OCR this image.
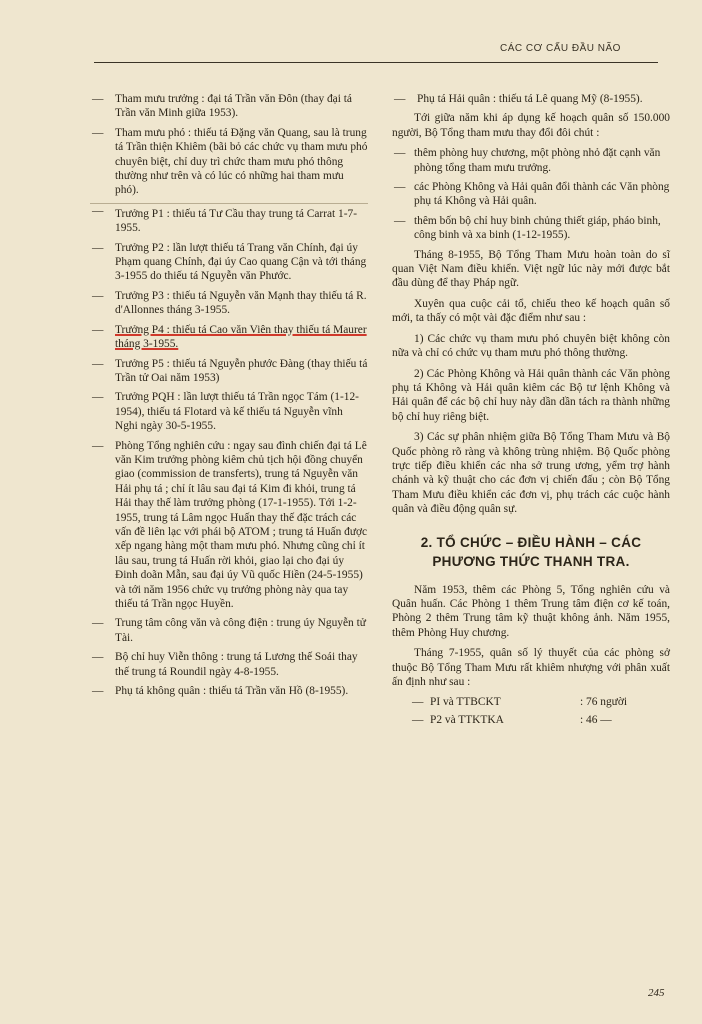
CÁC CƠ CẤU ĐẦU NÃO
— Tham mưu trưởng : đại tá Trần văn Đôn (thay đại tá Trần văn Minh giữa 1953).
— Tham mưu phó : thiếu tá Đặng văn Quang, sau là trung tá Trần thiện Khiêm (bãi bỏ các chức vụ tham mưu phó chuyên biệt, chỉ duy trì chức tham mưu phó thông thường như trên và có lúc có những hai tham mưu phó).
— Trưởng P1 : thiếu tá Tư Cầu thay trung tá Carrat 1-7-1955.
— Trưởng P2 : lần lượt thiếu tá Trang văn Chính, đại úy Phạm quang Chính, đại úy Cao quang Cận và tới tháng 3-1955 do thiếu tá Nguyễn văn Phước.
— Trưởng P3 : thiếu tá Nguyễn văn Mạnh thay thiếu tá R. d'Allonnes tháng 3-1955.
— Trưởng P4 : thiếu tá Cao văn Viên thay thiếu tá Maurer tháng 3-1955.
— Trưởng P5 : thiếu tá Nguyễn phước Đàng (thay thiếu tá Trần tử Oai năm 1953)
— Trưởng PQH : lần lượt thiếu tá Trần ngọc Tám (1-12-1954), thiếu tá Flotard và kế thiếu tá Nguyễn vĩnh Nghi ngày 30-5-1955.
— Phòng Tổng nghiên cứu : ngay sau đình chiến đại tá Lê văn Kim trưởng phòng kiêm chủ tịch hội đồng chuyển giao (commission de transferts), trung tá Nguyễn văn Hải phụ tá ; chỉ ít lâu sau đại tá Kim đi khỏi, trung tá Hải thay thế làm trưởng phòng (17-1-1955). Tới 1-2-1955, trung tá Lâm ngọc Huấn thay thế đặc trách các vấn đề liên lạc với phái bộ ATOM ; trung tá Huấn được xếp ngang hàng một tham mưu phó. Nhưng cũng chỉ ít lâu sau, trung tá Huấn rời khỏi, giao lại cho đại úy Đinh doãn Mẫn, sau đại úy Vũ quốc Hiền (24-5-1955) và tới năm 1956 chức vụ trưởng phòng này qua tay thiếu tá Trần ngọc Huyền.
— Trung tâm công văn và công điện : trung úy Nguyễn tử Tài.
— Bộ chỉ huy Viễn thông : trung tá Lương thế Soái thay thế trung tá Roundil ngày 4-8-1955.
— Phụ tá không quân : thiếu tá Trần văn Hồ (8-1955).
— Phụ tá Hải quân : thiếu tá Lê quang Mỹ (8-1955).

Tới giữa năm khi áp dụng kế hoạch quân số 150.000 người, Bộ Tổng tham mưu thay đổi đôi chút :

— thêm phòng huy chương, một phòng nhỏ đặt cạnh văn phòng tổng tham mưu trưởng.
— các Phòng Không và Hải quân đổi thành các Văn phòng phụ tá Không và Hải quân.
— thêm bốn bộ chỉ huy binh chủng thiết giáp, pháo binh, công binh và xa binh (1-12-1955).

Tháng 8-1955, Bộ Tổng Tham Mưu hoàn toàn do sĩ quan Việt Nam điều khiển. Việt ngữ lúc này mới được bắt đầu dùng để thay Pháp ngữ.

Xuyên qua cuộc cải tổ, chiếu theo kế hoạch quân số mới, ta thấy có một vài đặc điểm như sau :

1) Các chức vụ tham mưu phó chuyên biệt không còn nữa và chỉ có chức vụ tham mưu phó thông thường.

2) Các Phòng Không và Hải quân thành các Văn phòng phụ tá Không và Hải quân kiêm các Bộ tư lệnh Không và Hải quân để các bộ chỉ huy này dần dần tách ra thành những bộ chỉ huy riêng biệt.

3) Các sự phân nhiệm giữa Bộ Tổng Tham Mưu và Bộ Quốc phòng rõ ràng và không trùng nhiệm. Bộ Quốc phòng trực tiếp điều khiển các nha sở trung ương, yểm trợ hành chánh và kỹ thuật cho các đơn vị chiến đấu ; còn Bộ Tổng Tham Mưu điều khiển các đơn vị, phụ trách các cuộc hành quân và điều động quân sự.

2. TỔ CHỨC – ĐIỀU HÀNH – CÁC
PHƯƠNG THỨC THANH TRA.

Năm 1953, thêm các Phòng 5, Tổng nghiên cứu và Quân huấn. Các Phòng 1 thêm Trung tâm điện cơ kế toán, Phòng 2 thêm Trung tâm kỹ thuật không ảnh. Năm 1955, thêm Phòng Huy chương.

Tháng 7-1955, quân số lý thuyết của các phòng sở thuộc Bộ Tổng Tham Mưu rất khiêm nhượng với phân xuất ấn định như sau :

— PI và TTBCKT	: 76 người
— P2 và TTKTKA	: 46 —
245
